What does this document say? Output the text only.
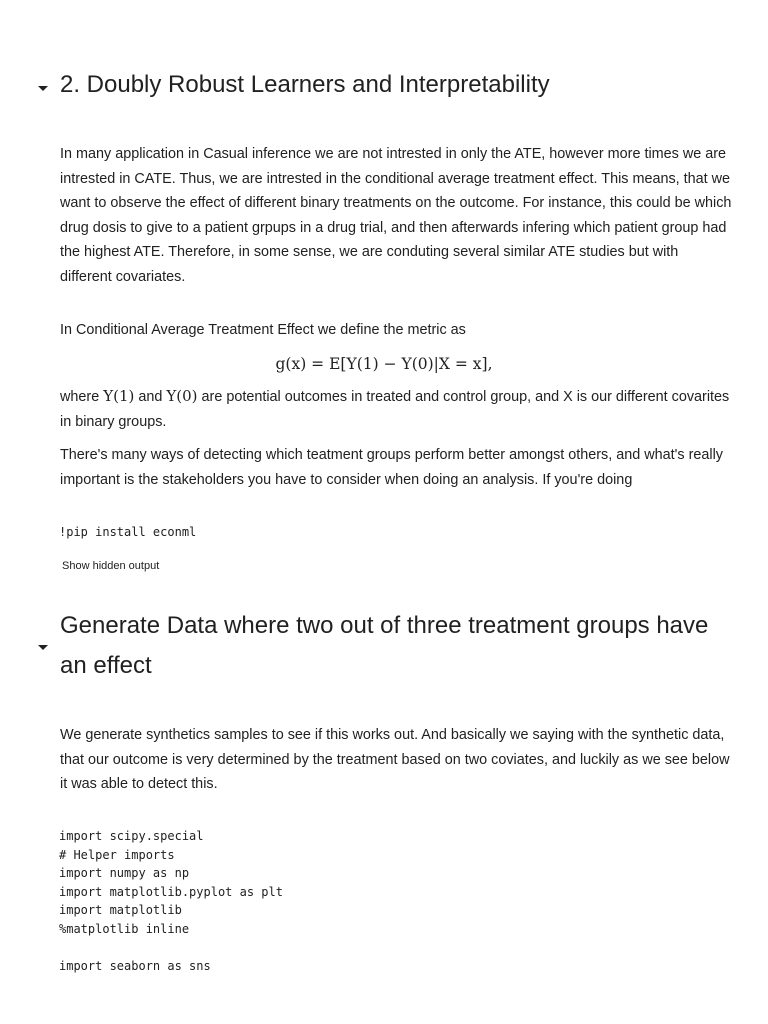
2. Doubly Robust Learners and Interpretability

In many application in Casual inference we are not intrested in only the ATE, however more times we are intrested in CATE. Thus, we are intrested in the conditional average treatment effect. This means, that we want to observe the effect of different binary treatments on the outcome. For instance, this could be which drug dosis to give to a patient grpups in a drug trial, and then afterwards infering which patient group had the highest ATE. Therefore, in some sense, we are conduting several similar ATE studies but with different covariates.

In Conditional Average Treatment Effect we define the metric as

g(x) = E[Y(1) − Y(0)|X = x],

where Y(1) and Y(0) are potential outcomes in treated and control group, and X is our different covarites in binary groups.

There's many ways of detecting which teatment groups perform better amongst others, and what's really important is the stakeholders you have to consider when doing an analysis. If you're doing

!pip install econml
Show hidden output
Generate Data where two out of three treatment groups have an effect

We generate synthetics samples to see if this works out. And basically we saying with the synthetic data, that our outcome is very determined by the treatment based on two coviates, and luckily as we see below it was able to detect this.

import scipy.special
# Helper imports
import numpy as np
import matplotlib.pyplot as plt
import matplotlib
%matplotlib inline

import seaborn as sns
